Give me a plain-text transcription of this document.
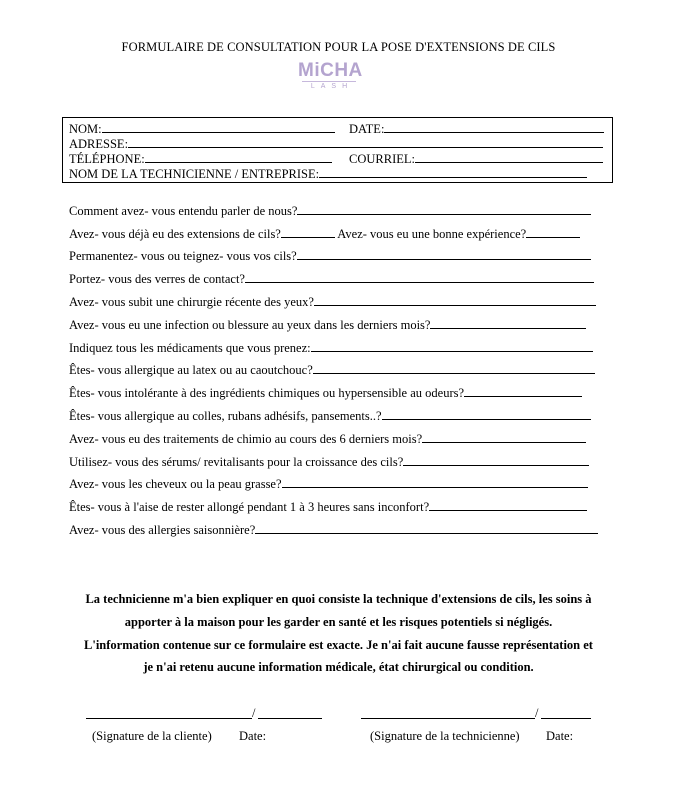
FORMULAIRE DE CONSULTATION POUR LA POSE D'EXTENSIONS DE CILS
MiCHA
LASH
NOM:	DATE:
ADRESSE:
TÉLÉPHONE:	COURRIEL:
NOM DE LA TECHNICIENNE / ENTREPRISE:
Comment avez- vous entendu parler de nous?
Avez- vous déjà eu des extensions de cils?	Avez- vous eu une bonne expérience?
Permanentez- vous ou teignez- vous vos cils?
Portez- vous des verres de contact?
Avez- vous subit une chirurgie récente des yeux?
Avez- vous eu une infection ou blessure au yeux dans les derniers mois?
Indiquez tous les médicaments que vous prenez:
Êtes- vous allergique au latex ou au caoutchouc?
Êtes- vous intolérante à des ingrédients chimiques ou hypersensible au odeurs?
Êtes- vous allergique au colles, rubans adhésifs, pansements..?
Avez- vous eu des traitements de chimio au cours des 6 derniers mois?
Utilisez- vous des sérums/ revitalisants pour la croissance des cils?
Avez- vous les cheveux ou la peau grasse?
Êtes- vous à l'aise de rester allongé pendant 1 à 3 heures sans inconfort?
Avez- vous des allergies saisonnière?
La technicienne m'a bien expliquer en quoi consiste la technique d'extensions de cils, les soins à
apporter à la maison pour les garder en santé et les risques potentiels si négligés.
L'information contenue sur ce formulaire est exacte. Je n'ai fait aucune fausse représentation et
je n'ai retenu aucune information médicale, état chirurgical ou condition.
/	/
(Signature de la cliente) Date:	(Signature de la technicienne) Date:
